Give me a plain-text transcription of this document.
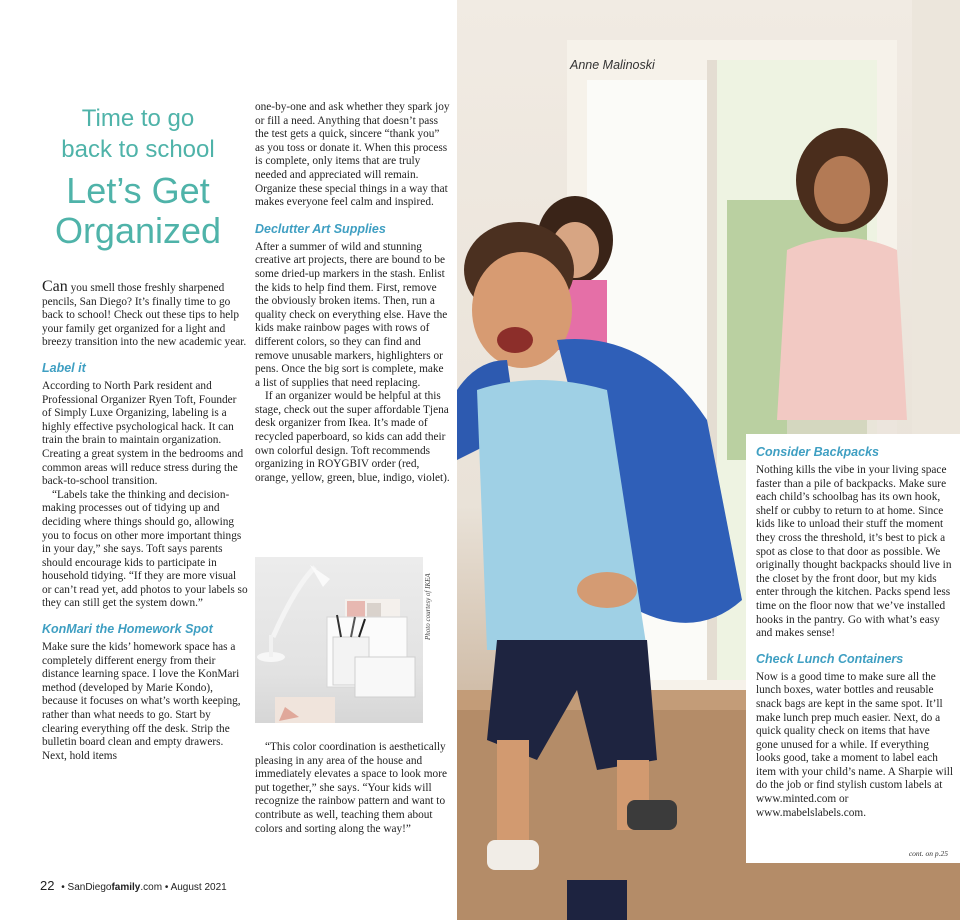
Anne Malinoski
Time to go
back to school
Let’s Get
Organized

Can you smell those freshly sharpened pencils, San Diego? It’s finally time to go back to school! Check out these tips to help your family get organized for a light and breezy transition into the new academic year.

Label it

According to North Park resident and Professional Organizer Ryen Toft, Founder of Simply Luxe Organizing, labeling is a highly effective psychological hack. It can train the brain to maintain organization. Creating a great system in the bedrooms and common areas will reduce stress during the back-to-school transition.

“Labels take the thinking and decision-making processes out of tidying up and deciding where things should go, allowing you to focus on other more important things in your day,” she says. Toft says parents should encourage kids to participate in household tidying. “If they are more visual or can’t read yet, add photos to your labels so they can still get the system down.”

KonMari the Homework Spot

Make sure the kids’ homework space has a completely different energy from their distance learning space. I love the KonMari method (developed by Marie Kondo), because it focuses on what’s worth keeping, rather than what needs to go. Start by clearing everything off the desk. Strip the bulletin board clean and empty drawers. Next, hold items

one-by-one and ask whether they spark joy or fill a need. Anything that doesn’t pass the test gets a quick, sincere “thank you” as you toss or donate it. When this process is complete, only items that are truly needed and appreciated will remain. Organize these special things in a way that makes everyone feel calm and inspired.

Declutter Art Supplies

After a summer of wild and stunning creative art projects, there are bound to be some dried-up markers in the stash. Enlist the kids to help find them. First, remove the obviously broken items. Then, run a quality check on everything else. Have the kids make rainbow pages with rows of different colors, so they can find and remove unusable markers, highlighters or pens. Once the big sort is complete, make a list of supplies that need replacing.

If an organizer would be helpful at this stage, check out the super affordable Tjena desk organizer from Ikea. It’s made of recycled paperboard, so kids can add their own colorful design. Toft recommends organizing in ROYGBIV order (red, orange, yellow, green, blue, indigo, violet).

Photo courtesy of IKEA

“This color coordination is aesthetically pleasing in any area of the house and immediately elevates a space to look more put together,” she says. “Your kids will recognize the rainbow pattern and want to contribute as well, teaching them about colors and sorting along the way!”

Consider Backpacks

Nothing kills the vibe in your living space faster than a pile of backpacks. Make sure each child’s schoolbag has its own hook, shelf or cubby to return to at home. Since kids like to unload their stuff the moment they cross the threshold, it’s best to pick a spot as close to that door as possible. We originally thought backpacks should live in the closet by the front door, but my kids enter through the kitchen. Packs spend less time on the floor now that we’ve installed hooks in the pantry. Go with what’s easy and makes sense!

Check Lunch Containers

Now is a good time to make sure all the lunch boxes, water bottles and reusable snack bags are kept in the same spot. It’ll make lunch prep much easier. Next, do a quick quality check on items that have gone unused for a while. If everything looks good, take a moment to label each item with your child’s name. A Sharpie will do the job or find stylish custom labels at www.minted.com or www.mabelslabels.com.

cont. on p.25
22 • SanDiegofamily.com • August 2021
